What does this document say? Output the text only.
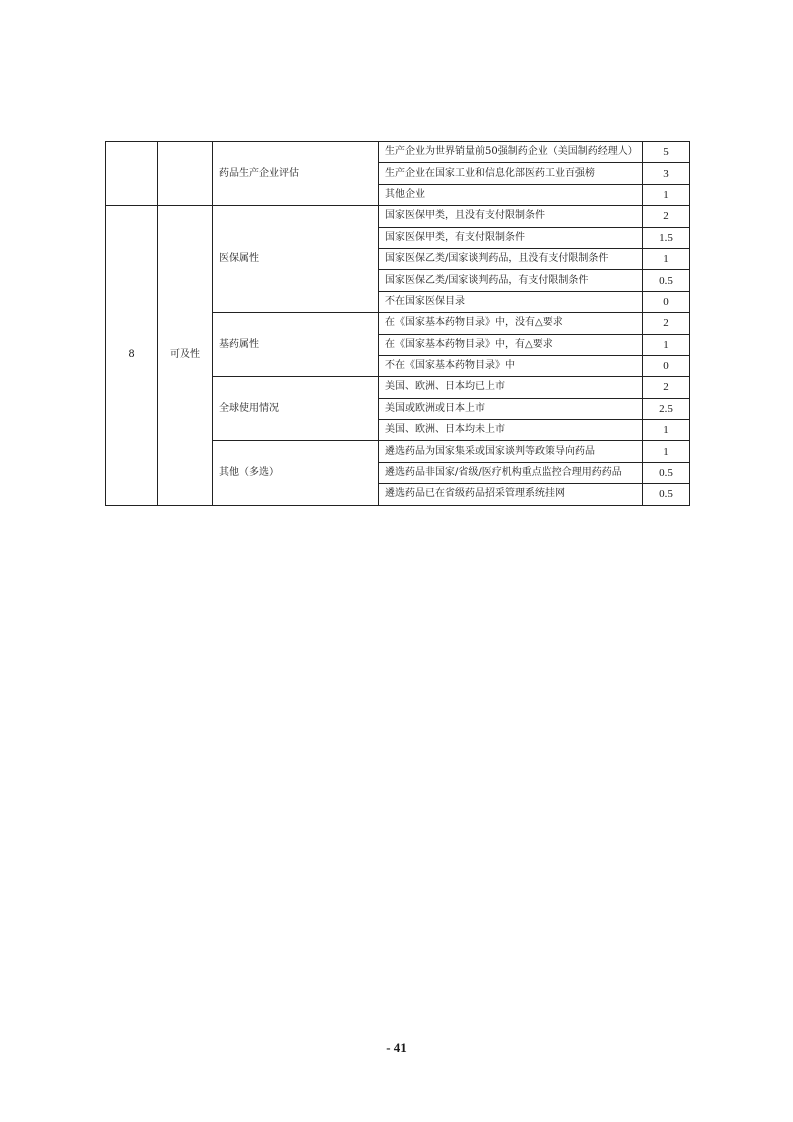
		药品生产企业评估	生产企业为世界销量前50强制药企业（美国制药经理人）	5
			生产企业在国家工业和信息化部医药工业百强榜	3
			其他企业	1
8	可及性	医保属性	国家医保甲类，且没有支付限制条件	2
			国家医保甲类，有支付限制条件	1.5
			国家医保乙类/国家谈判药品，且没有支付限制条件	1
			国家医保乙类/国家谈判药品，有支付限制条件	0.5
			不在国家医保目录	0
		基药属性	在《国家基本药物目录》中，没有△要求	2
			在《国家基本药物目录》中，有△要求	1
			不在《国家基本药物目录》中	0
		全球使用情况	美国、欧洲、日本均已上市	2
			美国或欧洲或日本上市	2.5
			美国、欧洲、日本均未上市	1
		其他（多选）	遴选药品为国家集采或国家谈判等政策导向药品	1
			遴选药品非国家/省级/医疗机构重点监控合理用药药品	0.5
			遴选药品已在省级药品招采管理系统挂网	0.5
- 41
